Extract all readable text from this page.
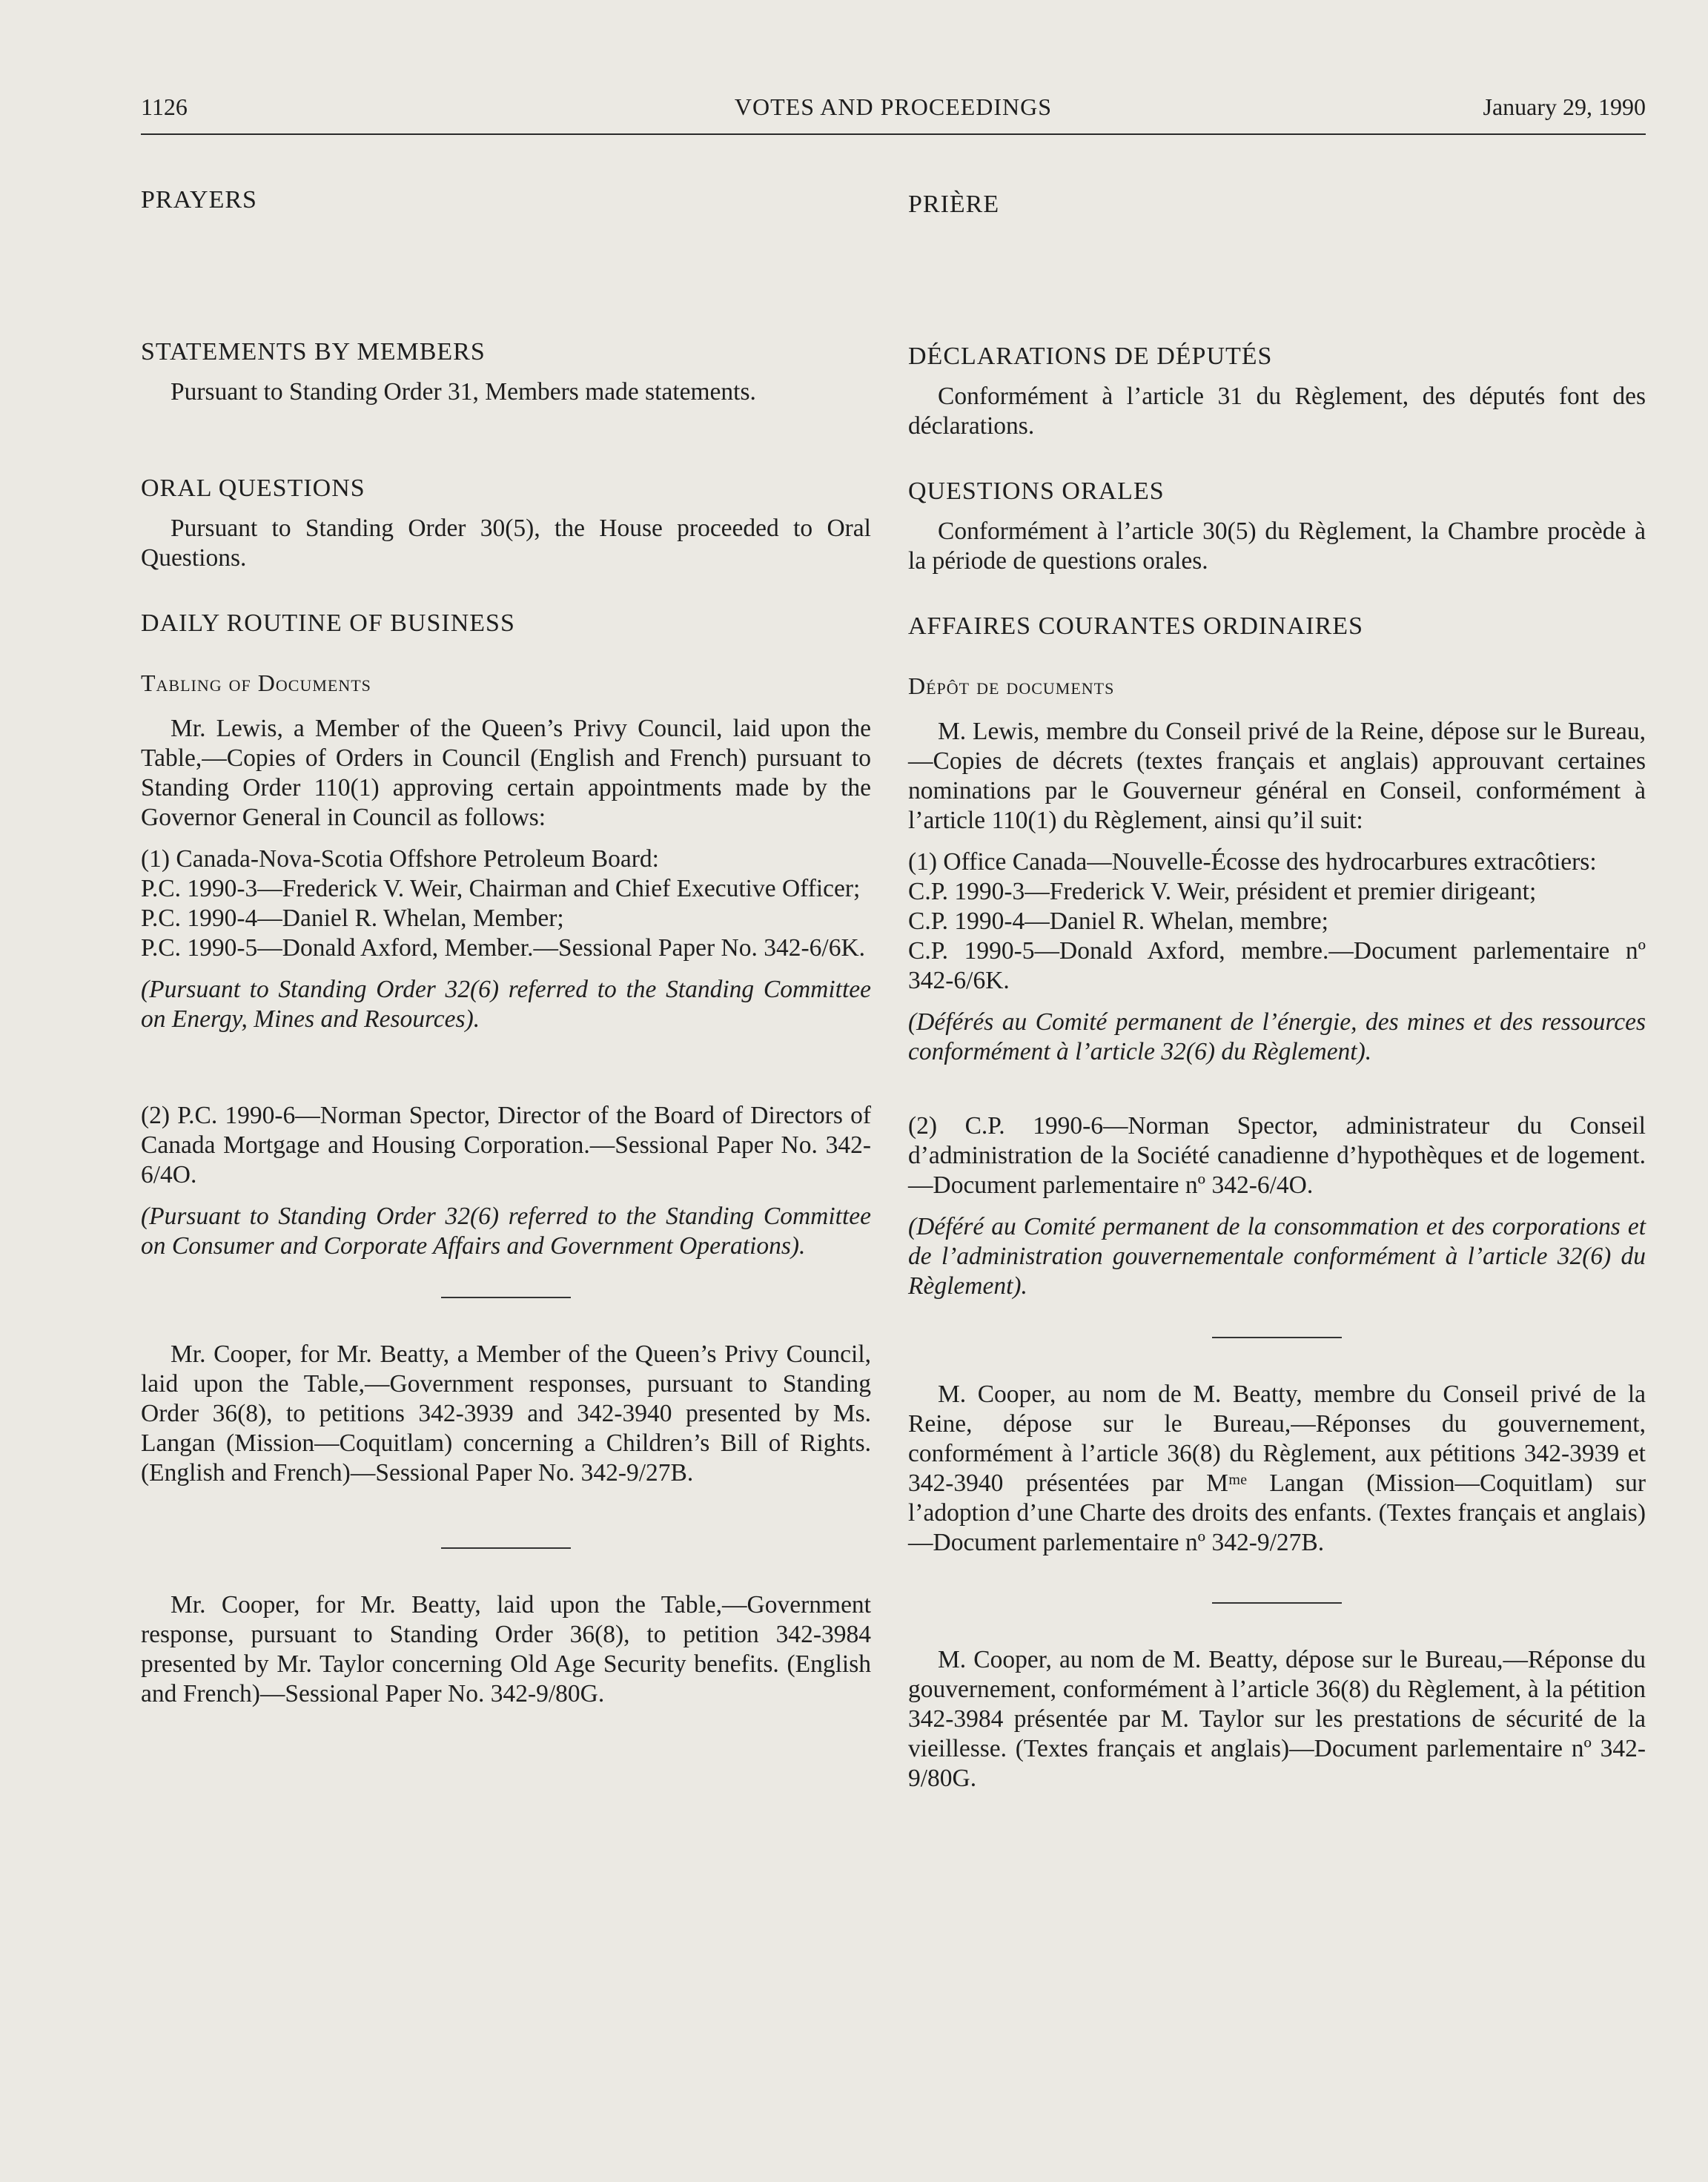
VOTES AND PROCEEDINGS
1126	January 29, 1990
PRAYERS
STATEMENTS BY MEMBERS

Pursuant to Standing Order 31, Members made statements.

ORAL QUESTIONS

Pursuant to Standing Order 30(5), the House proceeded to Oral Questions.

DAILY ROUTINE OF BUSINESS
Tabling of Documents

Mr. Lewis, a Member of the Queen’s Privy Council, laid upon the Table,—Copies of Orders in Council (English and French) pursuant to Standing Order 110(1) approving certain appointments made by the Governor General in Council as follows:

(1) Canada-Nova-Scotia Offshore Petroleum Board:

P.C. 1990-3—Frederick V. Weir, Chairman and Chief Executive Officer;

P.C. 1990-4—Daniel R. Whelan, Member;

P.C. 1990-5—Donald Axford, Member.—Sessional Paper No. 342-6/6K.

(Pursuant to Standing Order 32(6) referred to the Standing Committee on Energy, Mines and Resources).

(2) P.C. 1990-6—Norman Spector, Director of the Board of Directors of Canada Mortgage and Housing Corporation.—Sessional Paper No. 342-6/4O.

(Pursuant to Standing Order 32(6) referred to the Standing Committee on Consumer and Corporate Affairs and Government Operations).

Mr. Cooper, for Mr. Beatty, a Member of the Queen’s Privy Council, laid upon the Table,—Government responses, pursuant to Standing Order 36(8), to petitions 342-3939 and 342-3940 presented by Ms. Langan (Mission—Coquitlam) concerning a Children’s Bill of Rights. (English and French)—Sessional Paper No. 342-9/27B.

Mr. Cooper, for Mr. Beatty, laid upon the Table,—Government response, pursuant to Standing Order 36(8), to petition 342-3984 presented by Mr. Taylor concerning Old Age Security benefits. (English and French)—Sessional Paper No. 342-9/80G.

PRIÈRE
DÉCLARATIONS DE DÉPUTÉS

Conformément à l’article 31 du Règlement, des députés font des déclarations.

QUESTIONS ORALES

Conformément à l’article 30(5) du Règlement, la Chambre procède à la période de questions orales.

AFFAIRES COURANTES ORDINAIRES
Dépôt de documents

M. Lewis, membre du Conseil privé de la Reine, dépose sur le Bureau,—Copies de décrets (textes français et anglais) approuvant certaines nominations par le Gouverneur général en Conseil, conformément à l’article 110(1) du Règlement, ainsi qu’il suit:

(1) Office Canada—Nouvelle-Écosse des hydrocarbures extracôtiers:

C.P. 1990-3—Frederick V. Weir, président et premier dirigeant;

C.P. 1990-4—Daniel R. Whelan, membre;

C.P. 1990-5—Donald Axford, membre.—Document parlementaire nº 342-6/6K.

(Déférés au Comité permanent de l’énergie, des mines et des ressources conformément à l’article 32(6) du Règlement).

(2) C.P. 1990-6—Norman Spector, administrateur du Conseil d’administration de la Société canadienne d’hypothèques et de logement.—Document parlementaire nº 342-6/4O.

(Déféré au Comité permanent de la consommation et des corporations et de l’administration gouvernementale conformément à l’article 32(6) du Règlement).

M. Cooper, au nom de M. Beatty, membre du Conseil privé de la Reine, dépose sur le Bureau,—Réponses du gouvernement, conformément à l’article 36(8) du Règlement, aux pétitions 342-3939 et 342-3940 présentées par Mᵐᵉ Langan (Mission—Coquitlam) sur l’adoption d’une Charte des droits des enfants. (Textes français et anglais)—Document parlementaire nº 342-9/27B.

M. Cooper, au nom de M. Beatty, dépose sur le Bureau,—Réponse du gouvernement, conformément à l’article 36(8) du Règlement, à la pétition 342-3984 présentée par M. Taylor sur les prestations de sécurité de la vieillesse. (Textes français et anglais)—Document parlementaire nº 342-9/80G.
